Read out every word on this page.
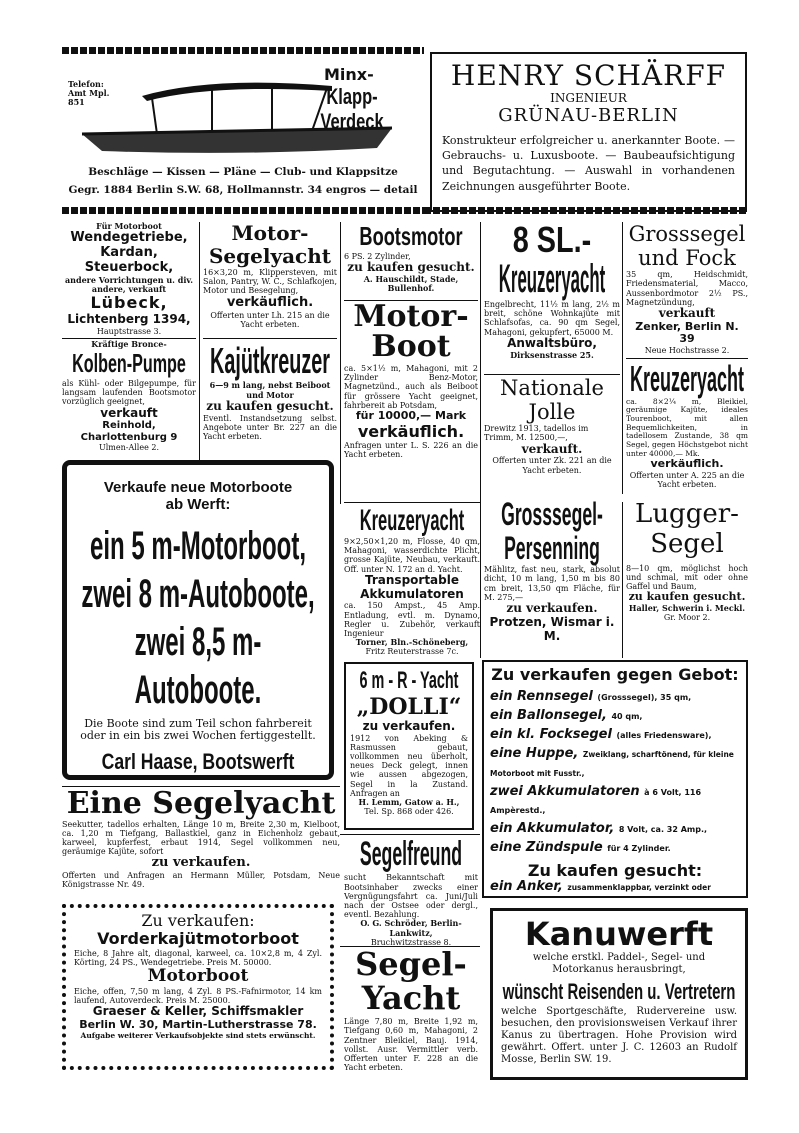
Telefon:
Amt Mpl.
851
Minx-
Klapp-Verdeck
Beschläge — Kissen — Pläne — Club- und Klappsitze
Gegr. 1884 Berlin S.W. 68, Hollmannstr. 34 engros — detail
HENRY SCHÄRFF
INGENIEUR
GRÜNAU-BERLIN
Konstrukteur erfolgreicher u. anerkannter Boote. — Gebrauchs- u. Luxusboote. — Baubeaufsichtigung und Begutachtung. — Auswahl in vorhandenen Zeichnungen ausgeführter Boote.
Für Motorboot
Wendegetriebe,
Kardan,
Steuerbock,
andere Vorrichtungen u. div. andere, verkauft
Lübeck,
Lichtenberg 1394,
Hauptstrasse 3.
Kräftige Bronce-
Kolben-Pumpe
als Kühl- oder Bilgepumpe, für langsam laufenden Bootsmotor vorzüglich geeignet,
verkauft
Reinhold, Charlottenburg 9
Ulmen-Allee 2.
Motor-
Segelyacht
16×3,20 m, Klippersteven, mit Salon, Pantry, W. C., Schlafkojen, Motor und Besegelung,
verkäuflich.
Offerten unter Lh. 215 an die Yacht erbeten.
Kajütkreuzer
6—9 m lang, nebst Beiboot und Motor
zu kaufen gesucht.
Eventl. Instandsetzung selbst. Angebote unter Br. 227 an die Yacht erbeten.
Bootsmotor
6 PS. 2 Zylinder,
zu kaufen gesucht.
A. Hauschildt, Stade, Bullenhof.
Motor-
Boot
ca. 5×1½ m, Mahagoni, mit 2 Zylinder Benz-Motor, Magnetzünd., auch als Beiboot für grössere Yacht geeignet, fahrbereit ab Potsdam,
für 10000,— Mark
verkäuflich.
Anfragen unter L. S. 226 an die Yacht erbeten.
8 SL.-
Kreuzeryacht
Engelbrecht, 11½ m lang, 2½ m breit, schöne Wohnkajüte mit Schlafsofas, ca. 90 qm Segel, Mahagoni, gekupfert, 65000 M.
Anwaltsbüro,
Dirksenstrasse 25.
Nationale
Jolle
Drewitz 1913, tadellos im Trimm, M. 12500,—,
verkauft.
Offerten unter Zk. 221 an die Yacht erbeten.
Grosssegel
und Fock
35 qm, Heidschmidt, Friedensmaterial, Macco, Aussenbordmotor 2½ PS., Magnetzündung,
verkauft
Zenker, Berlin N. 39
Neue Hochstrasse 2.
Kreuzeryacht
ca. 8×2¼ m, Bleikiel, geräumige Kajüte, ideales Tourenboot, mit allen Bequemlichkeiten, in tadellosem Zustande, 38 qm Segel, gegen Höchstgebot nicht unter 40000,— Mk.
verkäuflich.
Offerten unter A. 225 an die Yacht erbeten.
Verkaufe neue Motorboote
ab Werft:
ein 5 m-Motorboot,
zwei 8 m-Autoboote,
zwei 8,5 m-Autoboote.
Die Boote sind zum Teil schon fahrbereit oder in ein bis zwei Wochen fertiggestellt.
Carl Haase, Bootswerft
Kreuzeryacht
9×2,50×1,20 m, Flosse, 40 qm, Mahagoni, wasserdichte Plicht, grosse Kajüte, Neubau, verkauft. Off. unter N. 172 an d. Yacht.
Transportable
Akkumulatoren
ca. 150 Ampst., 45 Amp. Entladung, evtl. m. Dynamo, Regler u. Zubehör, verkauft Ingenieur
Torner, Bln.-Schöneberg,
Fritz Reuterstrasse 7c.
Grosssegel-
Persenning
Mählitz, fast neu, stark, absolut dicht, 10 m lang, 1,50 m bis 80 cm breit, 13,50 qm Fläche, für M. 275,—
zu verkaufen.
Protzen, Wismar i. M.
Lugger-
Segel
8—10 qm, möglichst hoch und schmal, mit oder ohne Gaffel und Baum,
zu kaufen gesucht.
Haller, Schwerin i. Meckl.
Gr. Moor 2.
6 m - R - Yacht
„DOLLI“
zu verkaufen.
1912 von Abeking & Rasmussen gebaut, vollkommen neu überholt, neues Deck gelegt, innen wie aussen abgezogen, Segel in la Zustand. Anfragen an
H. Lemm, Gatow a. H.,
Tel. Sp. 868 oder 426.
Zu verkaufen gegen Gebot:
ein Rennsegel (Grosssegel), 35 qm,
ein Ballonsegel, 40 qm,
ein kl. Focksegel (alles Friedensware),
eine Huppe, Zweiklang, scharftönend, für kleine Motorboot mit Fusstr.,
zwei Akkumulatoren à 6 Volt, 116 Ampèrestd.,
ein Akkumulator, 8 Volt, ca. 32 Amp.,
eine Zündspule für 4 Zylinder.
Zu kaufen gesucht:
ein Anker, zusammenklappbar, verzinkt oder
Eine Segelyacht
Seekutter, tadellos erhalten, Länge 10 m, Breite 2,30 m, Kielboot, ca. 1,20 m Tiefgang, Ballastkiel, ganz in Eichenholz gebaut, karweel, kupferfest, erbaut 1914, Segel vollkommen neu, geräumige Kajüte, sofort
zu verkaufen.
Offerten und Anfragen an Hermann Müller, Potsdam, Neue Königstrasse Nr. 49.
Segelfreund
sucht Bekanntschaft mit Bootsinhaber zwecks einer Vergnügungsfahrt ca. Juni/Juli nach der Ostsee oder dergl., eventl. Bezahlung.
O. G. Schröder, Berlin-Lankwitz,
Bruchwitzstrasse 8.
Zu verkaufen:
Vorderkajütmotorboot
Eiche, 8 Jahre alt, diagonal, karweel, ca. 10×2,8 m, 4 Zyl. Körting, 24 PS., Wendegetriebe. Preis M. 50000.
Motorboot
Eiche, offen, 7,50 m lang, 4 Zyl. 8 PS.-Fafnirmotor, 14 km laufend, Autoverdeck. Preis M. 25000.
Graeser & Keller, Schiffsmakler
Berlin W. 30, Martin-Lutherstrasse 78.
Aufgabe weiterer Verkaufsobjekte sind stets erwünscht.
Segel-
Yacht
Länge 7,80 m, Breite 1,92 m, Tiefgang 0,60 m, Mahagoni, 2 Zentner Bleikiel, Bauj. 1914, vollst. Ausr. Vermittler verb. Offerten unter F. 228 an die Yacht erbeten.
Kanuwerft
welche erstkl. Paddel-, Segel- und Motorkanus herausbringt,
wünscht Reisenden u. Vertretern
welche Sportgeschäfte, Rudervereine usw. besuchen, den provisionsweisen Verkauf ihrer Kanus zu übertragen. Hohe Provision wird gewährt. Offert. unter J. C. 12603 an Rudolf Mosse, Berlin SW. 19.
